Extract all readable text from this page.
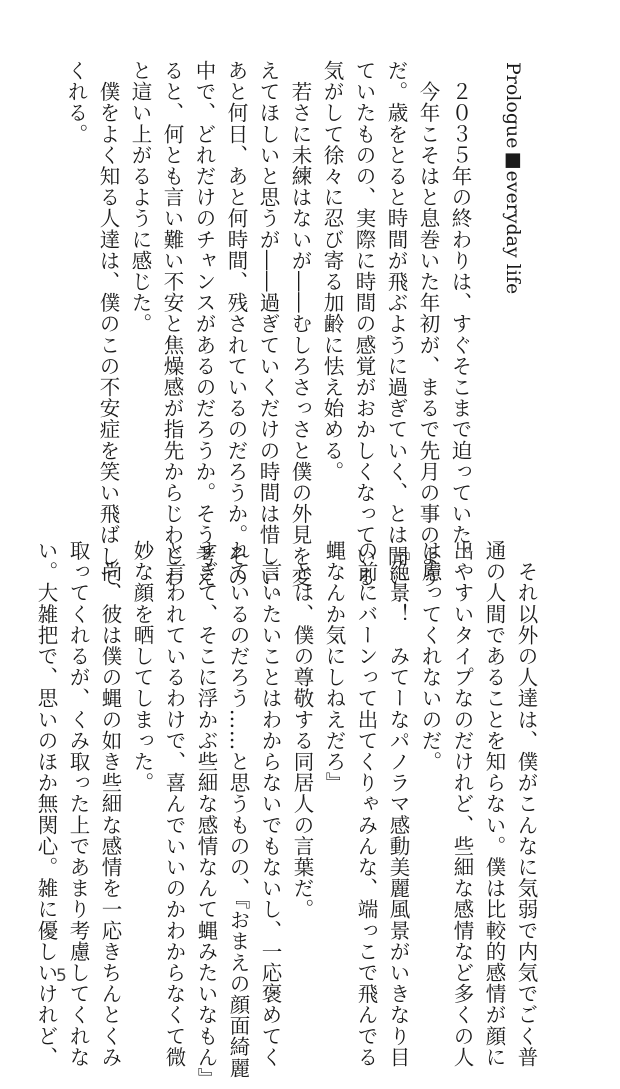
Prologue■everyday life
　２０３５年の終わりは、すぐそこまで迫っていた。
　今年こそはと息巻いた年初が、まるで先月の事のよう
だ。歳をとると時間が飛ぶように過ぎていく、とは聞い
ていたものの、実際に時間の感覚がおかしくなっている
気がして徐々に忍び寄る加齢に怯え始める。
　若さに未練はないが――むしろさっさと僕の外見を変
えてほしいと思うが――過ぎていくだけの時間は惜しい。
あと何日、あと何時間、残されているのだろうか。その
中で、どれだけのチャンスがあるのだろうか。そう考え
ると、何とも言い難い不安と焦燥感が指先からじわじわ
と這い上がるように感じた。
　僕をよく知る人達は、僕のこの不安症を笑い飛ばして
くれる。
　それ以外の人達は、僕がこんなに気弱で内気でごく普
通の人間であることを知らない。僕は比較的感情が顔に
出やすいタイプなのだけれど、些細な感情など多くの人
は慮ってくれないのだ。
『絶景！　みてーなパノラマ感動美麗風景がいきなり目
の前にバーンって出てくりゃみんな、端っこで飛んでる
蝿なんか気にしねえだろ』
　とは、僕の尊敬する同居人の言葉だ。
　言いたいことはわからないでもないし、一応褒めてく
れているのだろう……と思うものの、『おまえの顔面綺麗
すぎて、そこに浮かぶ些細な感情なんて蝿みたいなもん』
と言われているわけで、喜んでいいのかわからなくて微
妙な顔を晒してしまった。
　尚、彼は僕の蝿の如き些細な感情を一応きちんとくみ
取ってくれるが、くみ取った上であまり考慮してくれな
い。大雑把で、思いのほか無関心。雑に優しいけれど、
5
